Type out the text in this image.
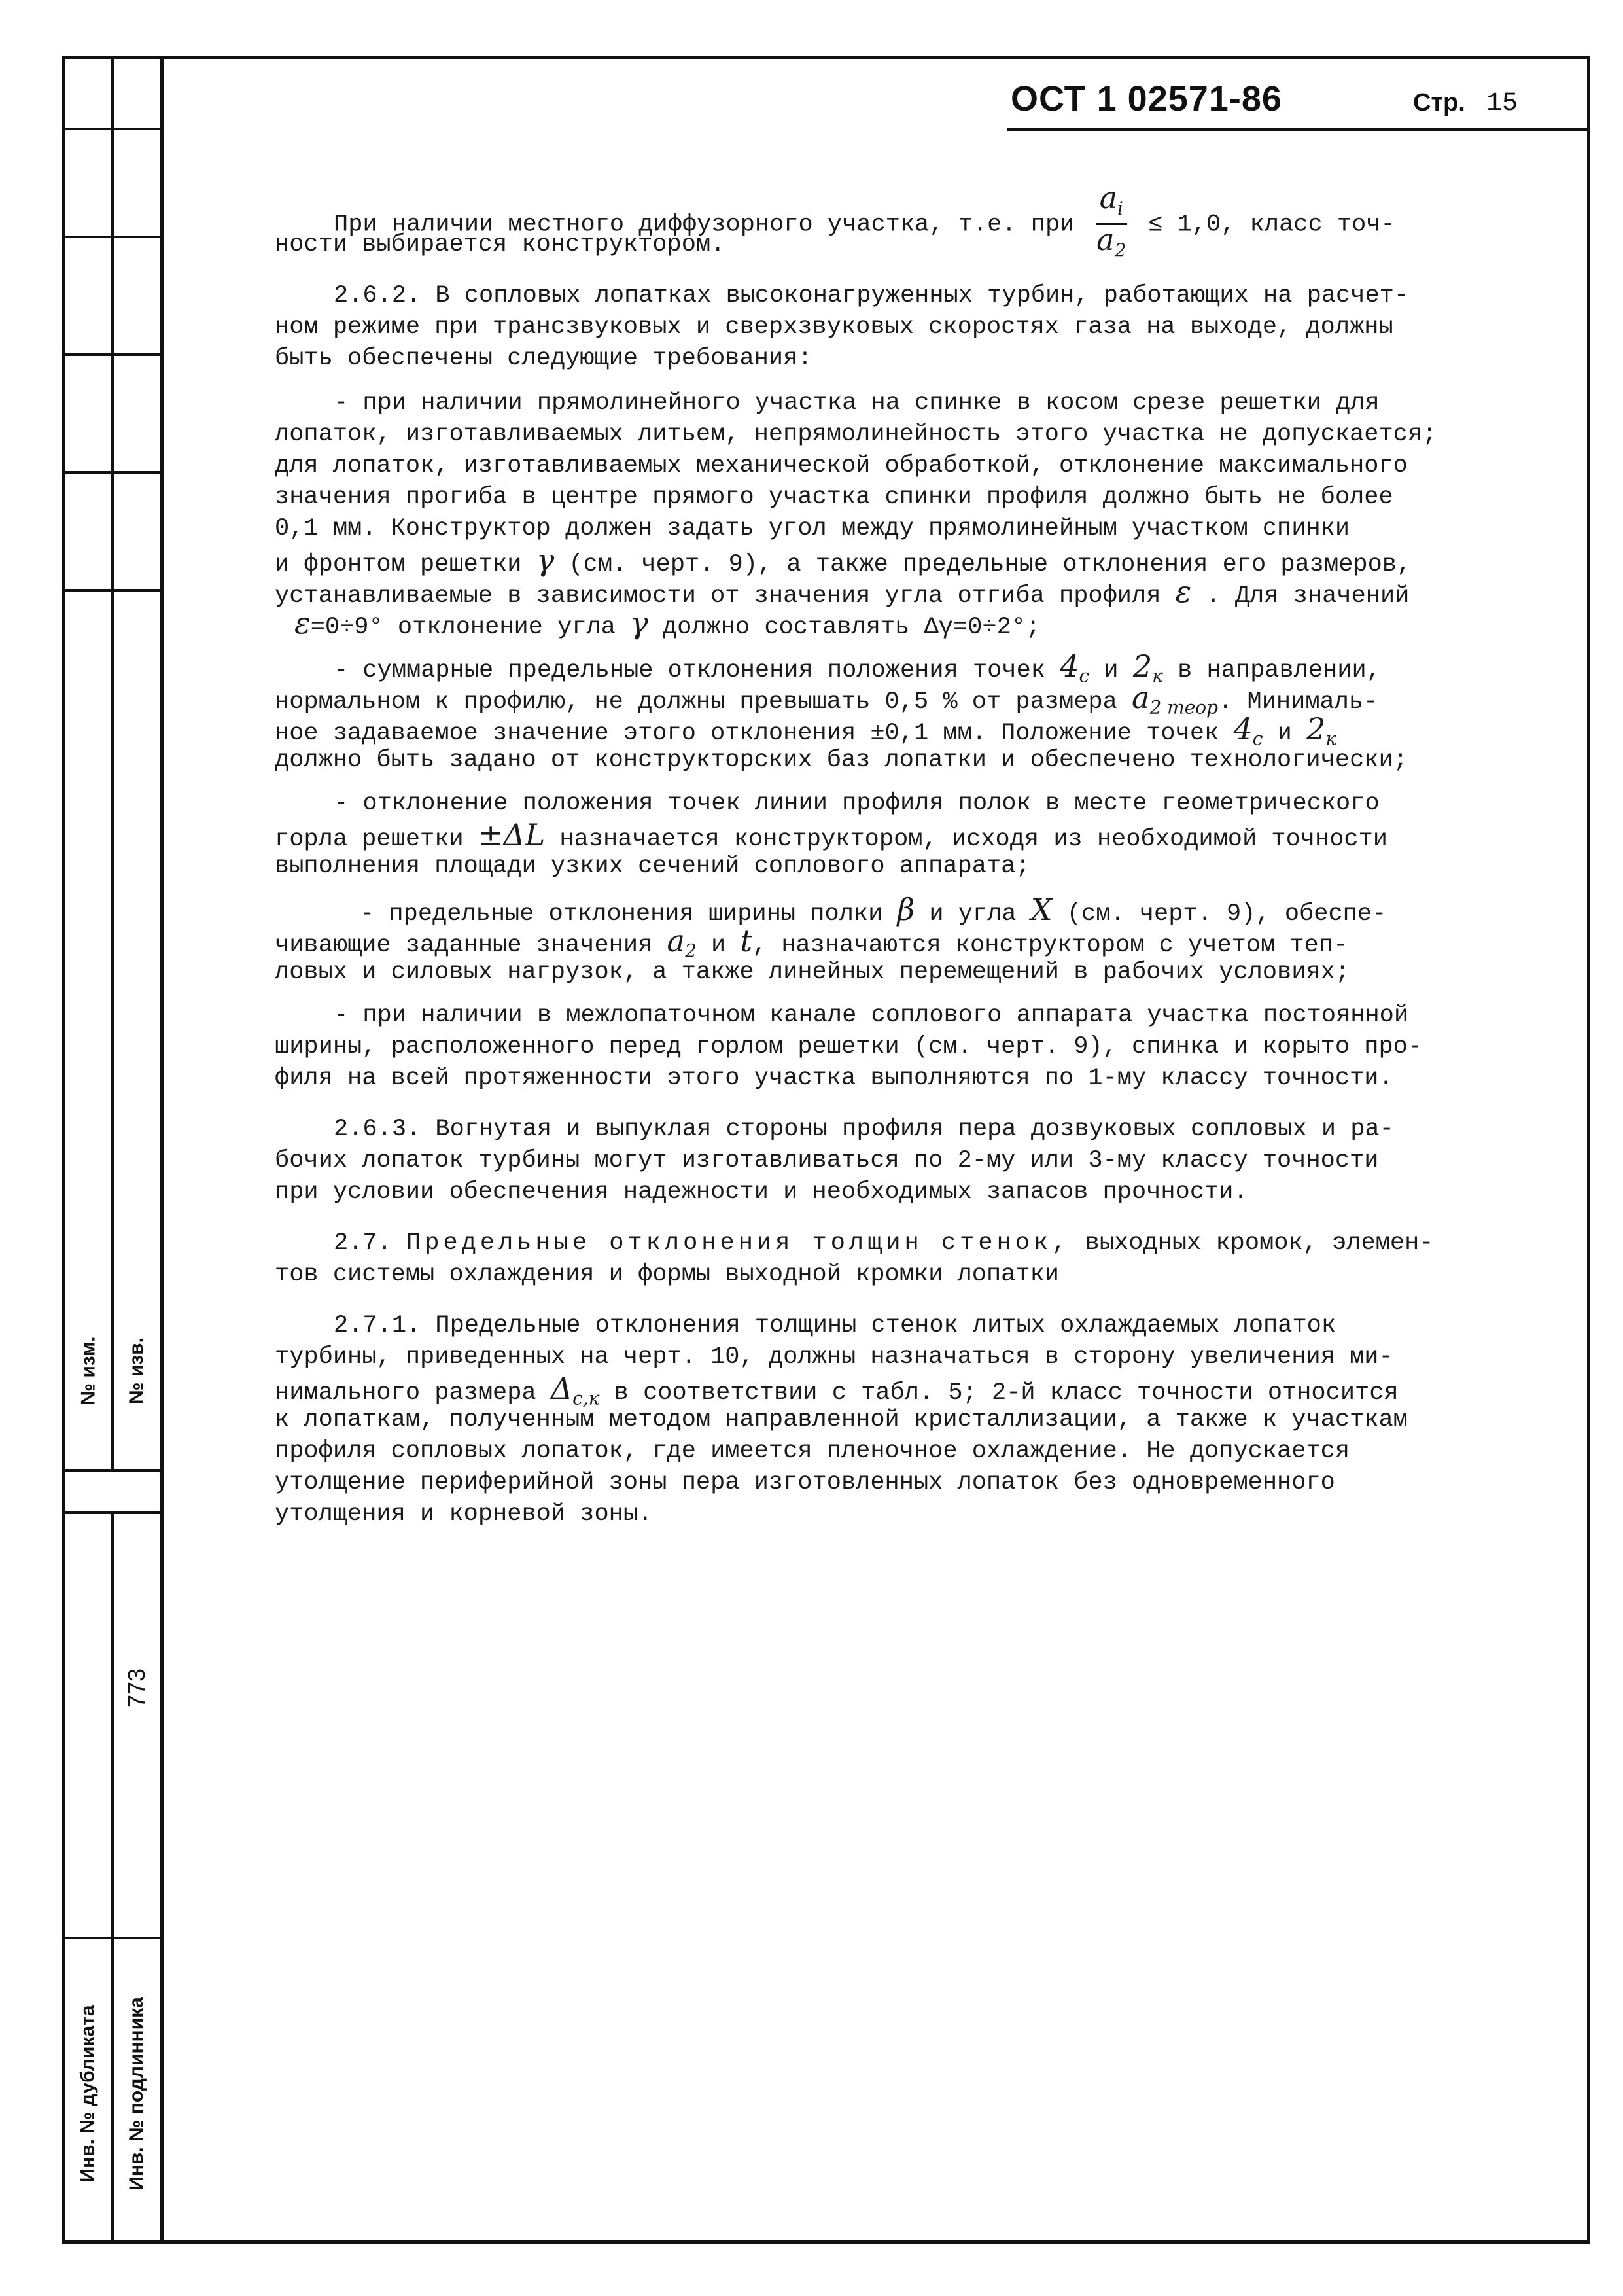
№ изм. № изв.
773
Инв. № дубликата Инв. № подлинника
ОСТ 1 02571-86	Стр. 15
При наличии местного диффузорного участка, т.е. при $\frac{a_i}{a_2} \le 1,0$, класс точ-
ности выбирается конструктором.
2.6.2. В сопловых лопатках высоконагруженных турбин, работающих на расчет-
ном режиме при трансзвуковых и сверхзвуковых скоростях газа на выходе, должны
быть обеспечены следующие требования:
- при наличии прямолинейного участка на спинке в косом срезе решетки для
лопаток, изготавливаемых литьем, непрямолинейность этого участка не допускается;
для лопаток, изготавливаемых механической обработкой, отклонение максимального
значения прогиба в центре прямого участка спинки профиля должно быть не более
0,1 мм. Конструктор должен задать угол между прямолинейным участком спинки
и фронтом решетки γ (см. черт. 9), а также предельные отклонения его размеров,
устанавливаемые в зависимости от значения угла отгиба профиля ε . Для значений
ε=0÷9° отклонение угла γ должно составлять Δγ=0÷2°;
- суммарные предельные отклонения положения точек $4_c$ и $2_к$ в направлении,
нормальном к профилю, не должны превышать 0,5 % от размера $a_{2 теор}$. Минималь-
ное задаваемое значение этого отклонения ±0,1 мм. Положение точек $4_c$ и $2_к$
должно быть задано от конструкторских баз лопатки и обеспечено технологически;
- отклонение положения точек линии профиля полок в месте геометрического
горла решетки ±ΔL назначается конструктором, исходя из необходимой точности
выполнения площади узких сечений соплового аппарата;
- предельные отклонения ширины полки β и угла X (см. черт. 9), обеспе-
чивающие заданные значения $a_2$ и t, назначаются конструктором с учетом теп-
ловых и силовых нагрузок, а также линейных перемещений в рабочих условиях;
- при наличии в межлопаточном канале соплового аппарата участка постоянной
ширины, расположенного перед горлом решетки (см. черт. 9), спинка и корыто про-
филя на всей протяженности этого участка выполняются по 1-му классу точности.
2.6.3. Вогнутая и выпуклая стороны профиля пера дозвуковых сопловых и ра-
бочих лопаток турбины могут изготавливаться по 2-му или 3-му классу точности
при условии обеспечения надежности и необходимых запасов прочности.
2.7. Предельные отклонения толщин стенок, выходных кромок, элемен-
тов системы охлаждения и формы выходной кромки лопатки
2.7.1. Предельные отклонения толщины стенок литых охлаждаемых лопаток
турбины, приведенных на черт. 10, должны назначаться в сторону увеличения ми-
нимального размера $\Delta_{с,к}$ в соответствии с табл. 5; 2-й класс точности относится
к лопаткам, полученным методом направленной кристаллизации, а также к участкам
профиля сопловых лопаток, где имеется пленочное охлаждение. Не допускается
утолщение периферийной зоны пера изготовленных лопаток без одновременного
утолщения и корневой зоны.
